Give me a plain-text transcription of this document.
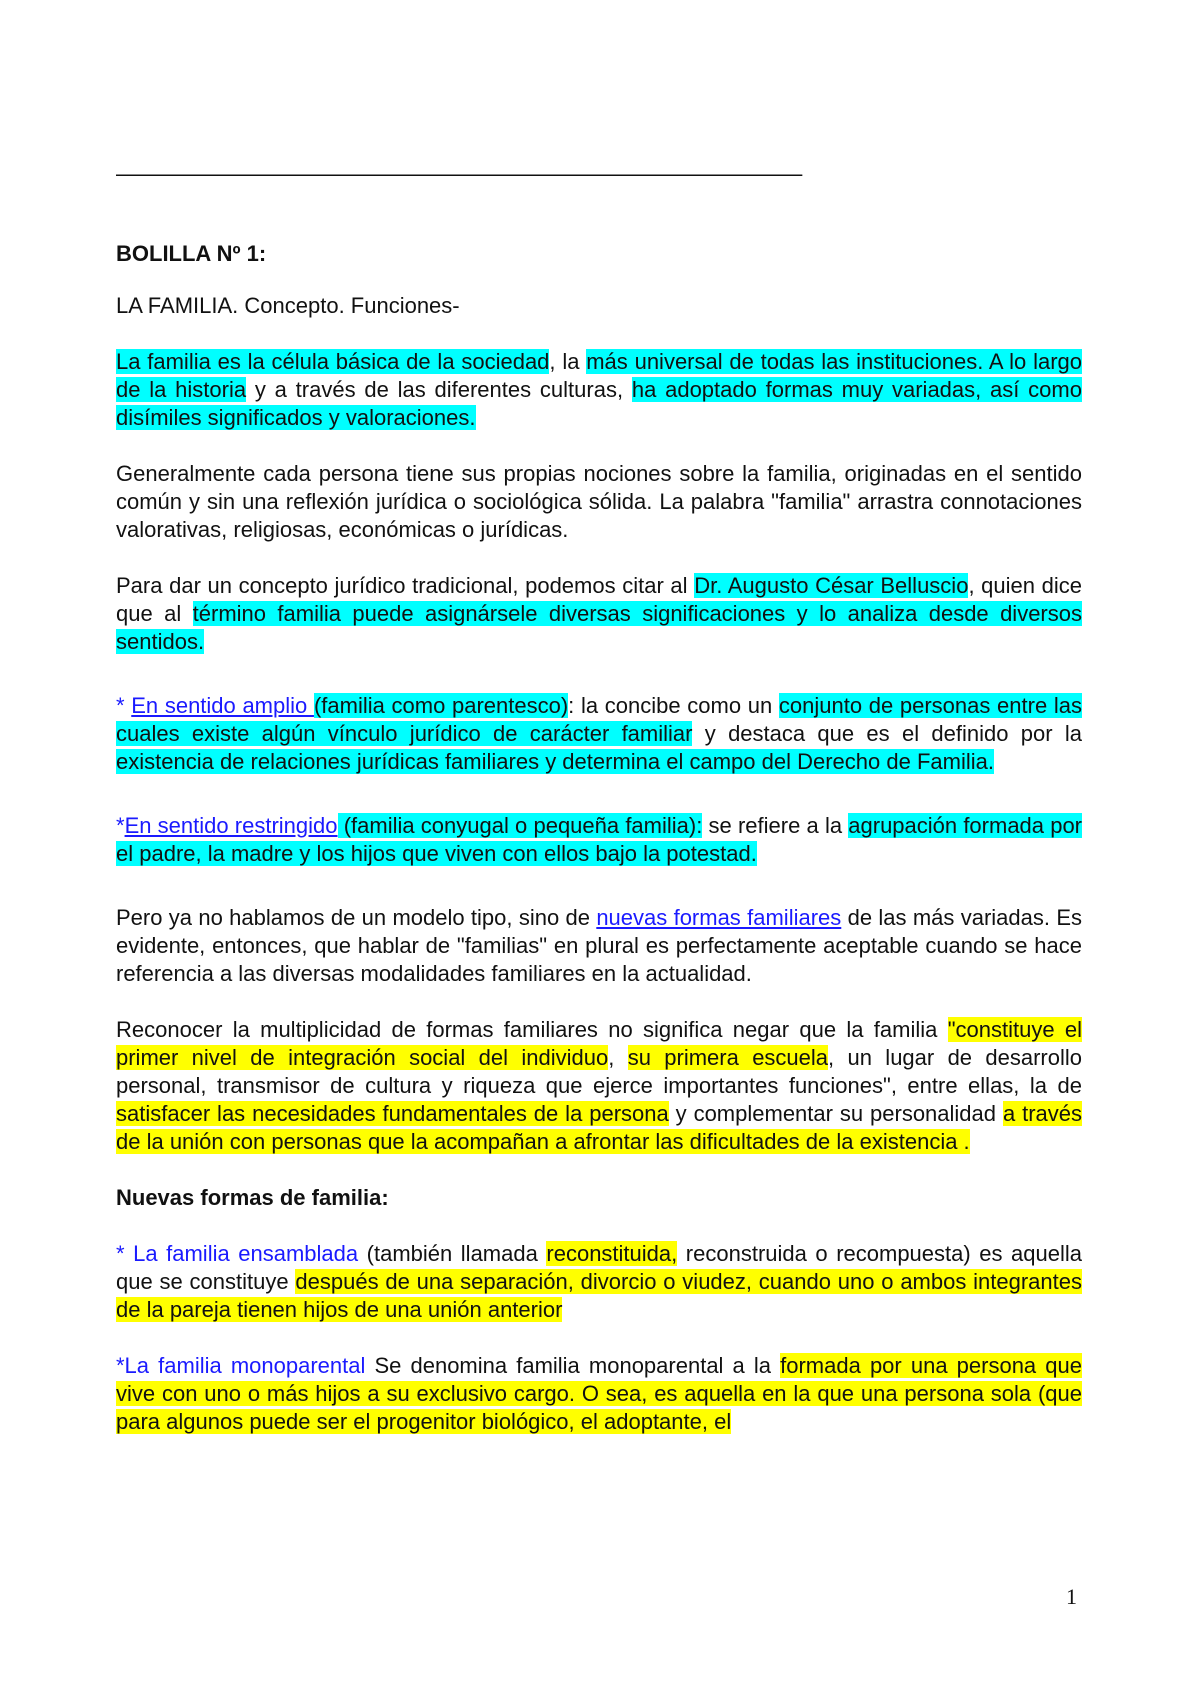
–––––––––––––––––––––––––––––––––––––––––––––––––––––––––––––
BOLILLA Nº 1:

LA FAMILIA. Concepto. Funciones-

La familia es la célula básica de la sociedad, la más universal de todas las instituciones. A lo largo de la historia y a través de las diferentes culturas, ha adoptado formas muy variadas, así como disímiles significados y valoraciones.

Generalmente cada persona tiene sus propias nociones sobre la familia, originadas en el sentido común y sin una reflexión jurídica o sociológica sólida. La palabra "familia" arrastra connotaciones valorativas, religiosas, económicas o jurídicas.

Para dar un concepto jurídico tradicional, podemos citar al Dr. Augusto César Belluscio, quien dice que al término familia puede asignársele diversas significaciones y lo analiza desde diversos sentidos.

* En sentido amplio (familia como parentesco): la concibe como un conjunto de personas entre las cuales existe algún vínculo jurídico de carácter familiar y destaca que es el definido por la existencia de relaciones jurídicas familiares y determina el campo del Derecho de Familia.

*En sentido restringido (familia conyugal o pequeña familia): se refiere a la agrupación formada por el padre, la madre y los hijos que viven con ellos bajo la potestad.

Pero ya no hablamos de un modelo tipo, sino de nuevas formas familiares de las más variadas. Es evidente, entonces, que hablar de "familias" en plural es perfectamente aceptable cuando se hace referencia a las diversas modalidades familiares en la actualidad.

Reconocer la multiplicidad de formas familiares no significa negar que la familia "constituye el primer nivel de integración social del individuo, su primera escuela, un lugar de desarrollo personal, transmisor de cultura y riqueza que ejerce importantes funciones", entre ellas, la de satisfacer las necesidades fundamentales de la persona y complementar su personalidad a través de la unión con personas que la acompañan a afrontar las dificultades de la existencia .

Nuevas formas de familia:

* La familia ensamblada (también llamada reconstituida, reconstruida o recompuesta) es aquella que se constituye después de una separación, divorcio o viudez, cuando uno o ambos integrantes de la pareja tienen hijos de una unión anterior

*La familia monoparental Se denomina familia monoparental a la formada por una persona que vive con uno o más hijos a su exclusivo cargo. O sea, es aquella en la que una persona sola (que para algunos puede ser el progenitor biológico, el adoptante, el

1
